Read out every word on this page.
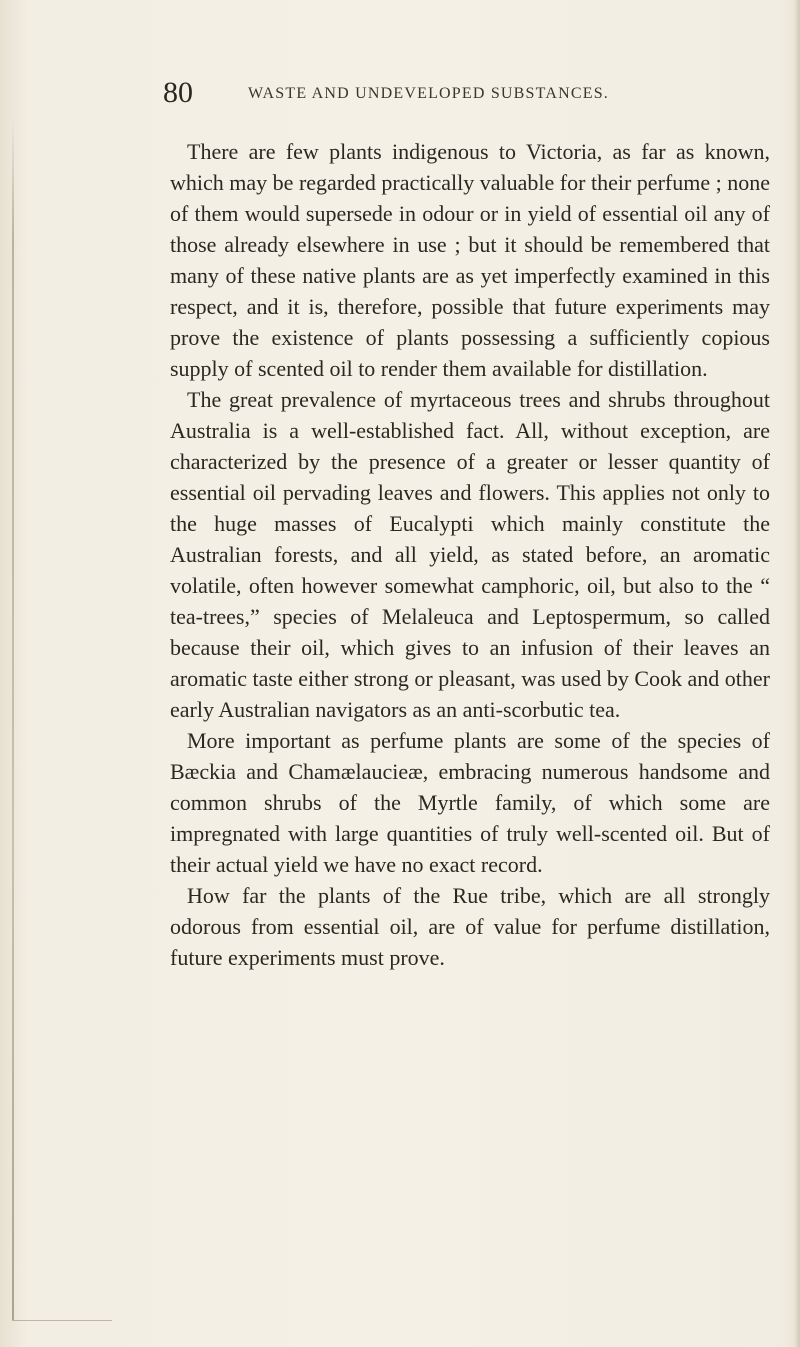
80	WASTE AND UNDEVELOPED SUBSTANCES.

There are few plants indigenous to Victoria, as far as known, which may be regarded practically valuable for their perfume ; none of them would supersede in odour or in yield of essential oil any of those already elsewhere in use ; but it should be remembered that many of these native plants are as yet imperfectly examined in this respect, and it is, therefore, possible that future experiments may prove the existence of plants possessing a sufficiently copious supply of scented oil to render them available for distillation.

The great prevalence of myrtaceous trees and shrubs throughout Australia is a well-established fact. All, without exception, are characterized by the presence of a greater or lesser quantity of essential oil pervading leaves and flowers. This applies not only to the huge masses of Eucalypti which mainly constitute the Australian forests, and all yield, as stated before, an aromatic volatile, often however somewhat camphoric, oil, but also to the “ tea-trees,” species of Melaleuca and Leptospermum, so called because their oil, which gives to an infusion of their leaves an aromatic taste either strong or pleasant, was used by Cook and other early Australian navigators as an anti-scorbutic tea.

More important as perfume plants are some of the species of Bæckia and Chamælaucieæ, embracing numerous handsome and common shrubs of the Myrtle family, of which some are impregnated with large quantities of truly well-scented oil. But of their actual yield we have no exact record.

How far the plants of the Rue tribe, which are all strongly odorous from essential oil, are of value for perfume distillation, future experiments must prove.
